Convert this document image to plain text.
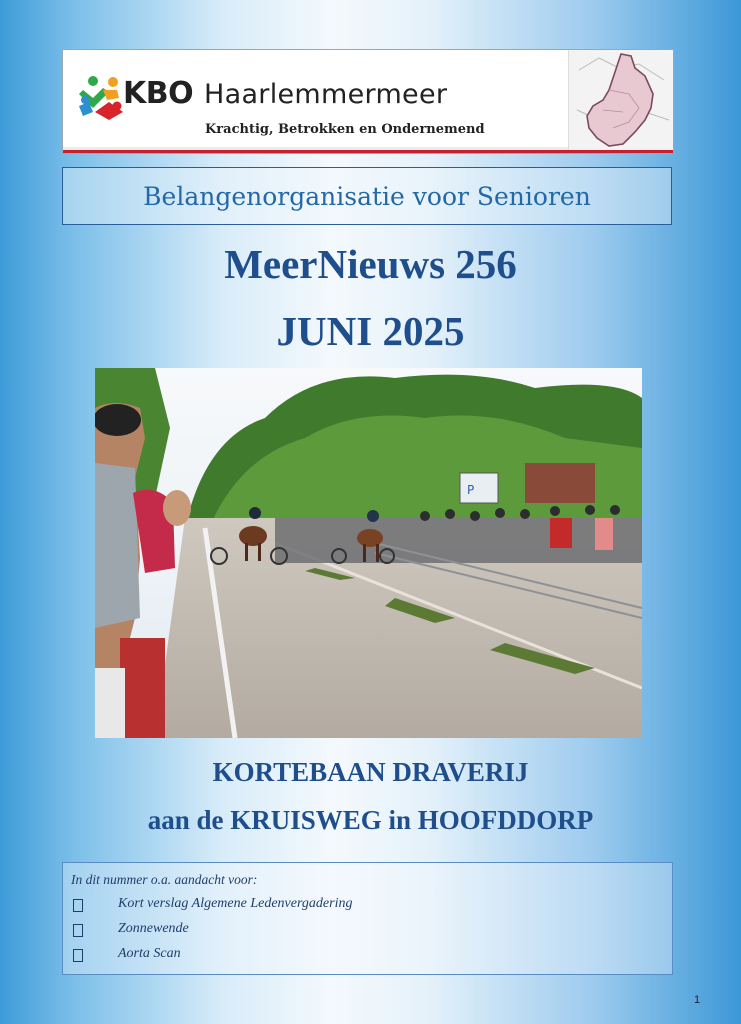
KBO Haarlemmermeer
Krachtig, Betrokken en Ondernemend
Belangenorganisatie voor Senioren
MeerNieuws 256
JUNI 2025
P
KORTEBAAN DRAVERIJ
aan de KRUISWEG in HOOFDDORP
In dit nummer o.a. aandacht voor:
Kort verslag Algemene Ledenvergadering
Zonnewende
Aorta Scan
1
